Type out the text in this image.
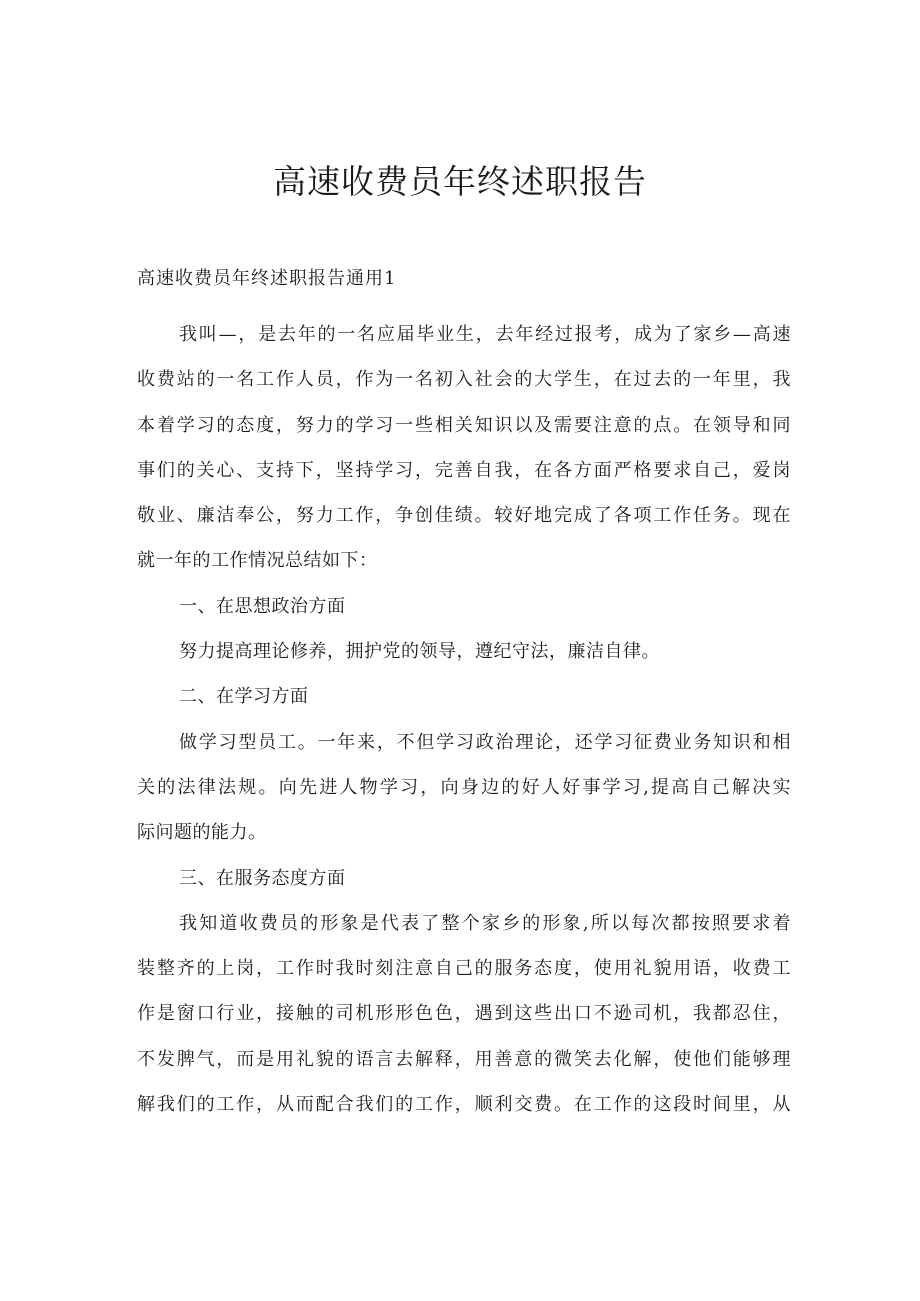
高速收费员年终述职报告
高速收费员年终述职报告通用1
我叫—，是去年的一名应届毕业生，去年经过报考，成为了家乡—高速
收费站的一名工作人员，作为一名初入社会的大学生，在过去的一年里，我
本着学习的态度，努力的学习一些相关知识以及需要注意的点。在领导和同
事们的关心、支持下，坚持学习，完善自我，在各方面严格要求自己，爱岗
敬业、廉洁奉公，努力工作，争创佳绩。较好地完成了各项工作任务。现在
就一年的工作情况总结如下：
一、在思想政治方面
努力提高理论修养，拥护党的领导，遵纪守法，廉洁自律。
二、在学习方面
做学习型员工。一年来，不但学习政治理论，还学习征费业务知识和相
关的法律法规。向先进人物学习，向身边的好人好事学习,提高自己解决实
际问题的能力。
三、在服务态度方面
我知道收费员的形象是代表了整个家乡的形象,所以每次都按照要求着
装整齐的上岗，工作时我时刻注意自己的服务态度，使用礼貌用语，收费工
作是窗口行业，接触的司机形形色色，遇到这些出口不逊司机，我都忍住，
不发脾气，而是用礼貌的语言去解释，用善意的微笑去化解，使他们能够理
解我们的工作，从而配合我们的工作，顺利交费。在工作的这段时间里，从
